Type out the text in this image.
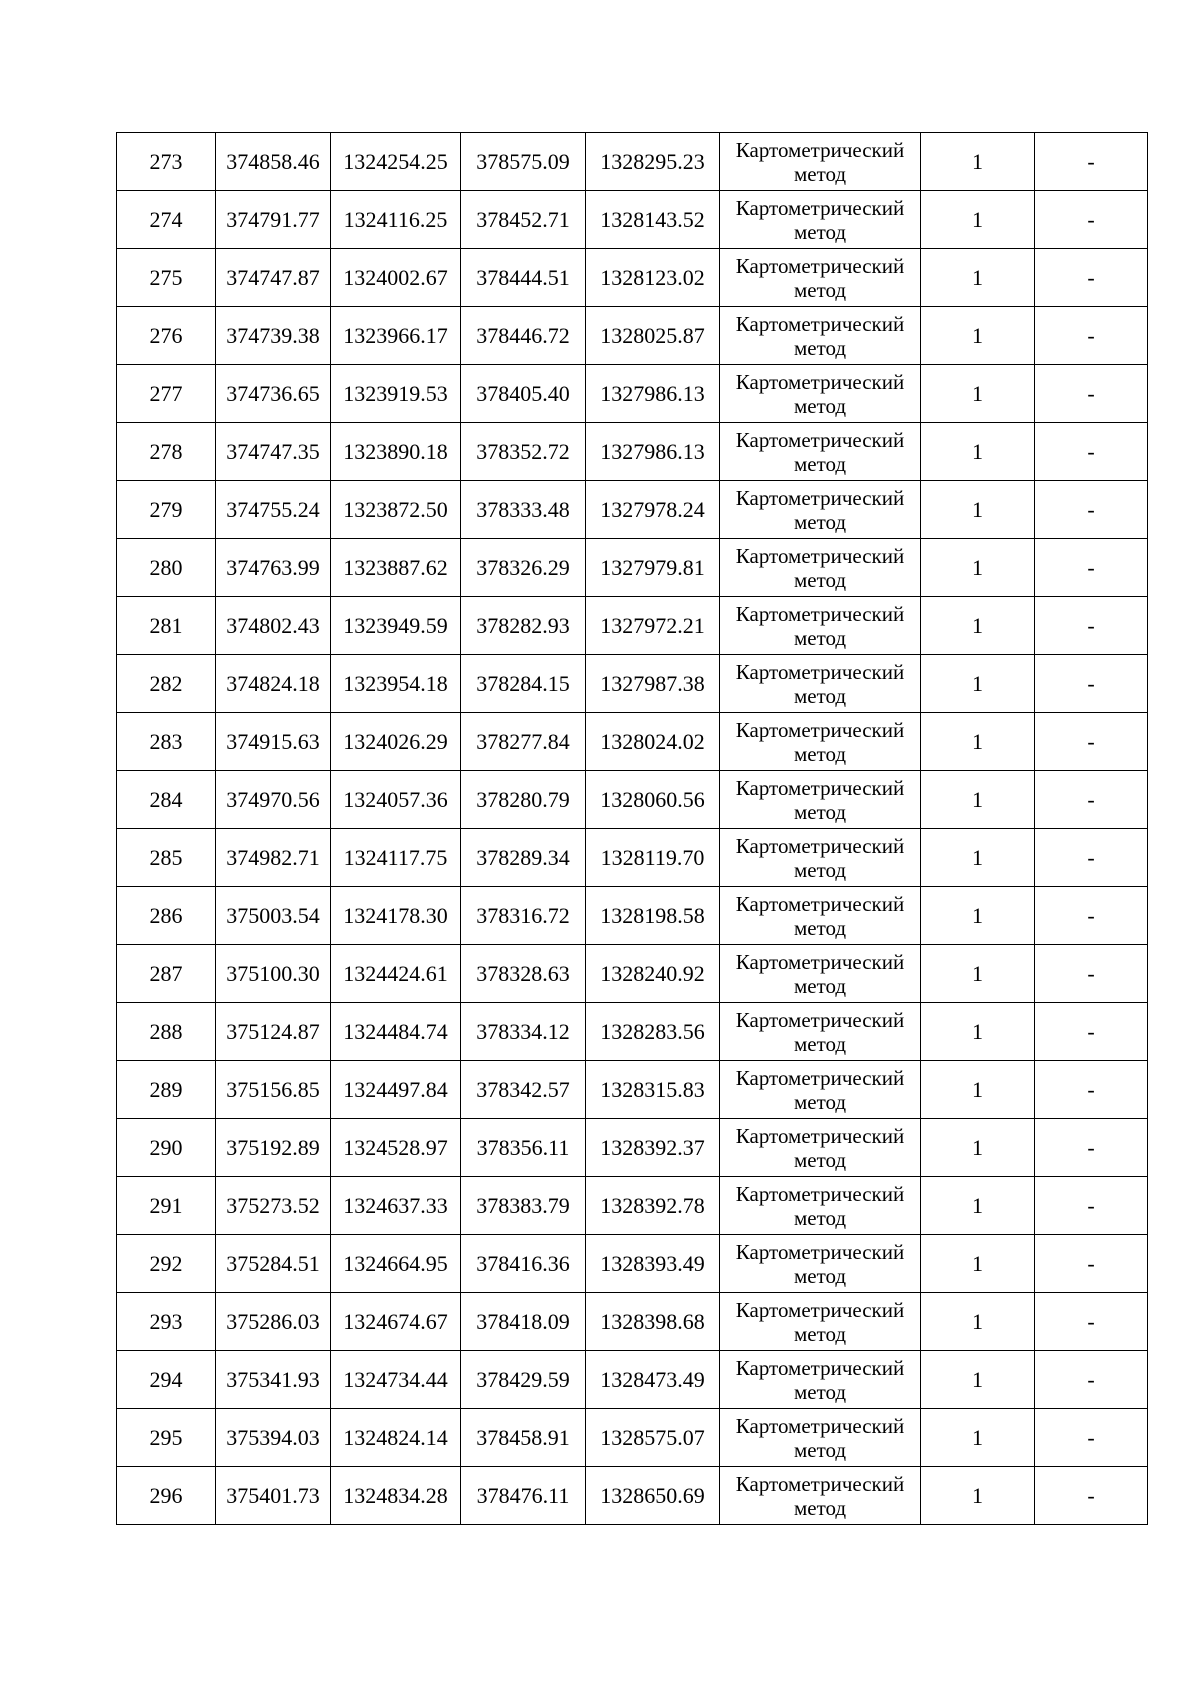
273	374858.46	1324254.25	378575.09	1328295.23	Картометрический
метод	1	-
274	374791.77	1324116.25	378452.71	1328143.52	Картометрический
метод	1	-
275	374747.87	1324002.67	378444.51	1328123.02	Картометрический
метод	1	-
276	374739.38	1323966.17	378446.72	1328025.87	Картометрический
метод	1	-
277	374736.65	1323919.53	378405.40	1327986.13	Картометрический
метод	1	-
278	374747.35	1323890.18	378352.72	1327986.13	Картометрический
метод	1	-
279	374755.24	1323872.50	378333.48	1327978.24	Картометрический
метод	1	-
280	374763.99	1323887.62	378326.29	1327979.81	Картометрический
метод	1	-
281	374802.43	1323949.59	378282.93	1327972.21	Картометрический
метод	1	-
282	374824.18	1323954.18	378284.15	1327987.38	Картометрический
метод	1	-
283	374915.63	1324026.29	378277.84	1328024.02	Картометрический
метод	1	-
284	374970.56	1324057.36	378280.79	1328060.56	Картометрический
метод	1	-
285	374982.71	1324117.75	378289.34	1328119.70	Картометрический
метод	1	-
286	375003.54	1324178.30	378316.72	1328198.58	Картометрический
метод	1	-
287	375100.30	1324424.61	378328.63	1328240.92	Картометрический
метод	1	-
288	375124.87	1324484.74	378334.12	1328283.56	Картометрический
метод	1	-
289	375156.85	1324497.84	378342.57	1328315.83	Картометрический
метод	1	-
290	375192.89	1324528.97	378356.11	1328392.37	Картометрический
метод	1	-
291	375273.52	1324637.33	378383.79	1328392.78	Картометрический
метод	1	-
292	375284.51	1324664.95	378416.36	1328393.49	Картометрический
метод	1	-
293	375286.03	1324674.67	378418.09	1328398.68	Картометрический
метод	1	-
294	375341.93	1324734.44	378429.59	1328473.49	Картометрический
метод	1	-
295	375394.03	1324824.14	378458.91	1328575.07	Картометрический
метод	1	-
296	375401.73	1324834.28	378476.11	1328650.69	Картометрический
метод	1	-
